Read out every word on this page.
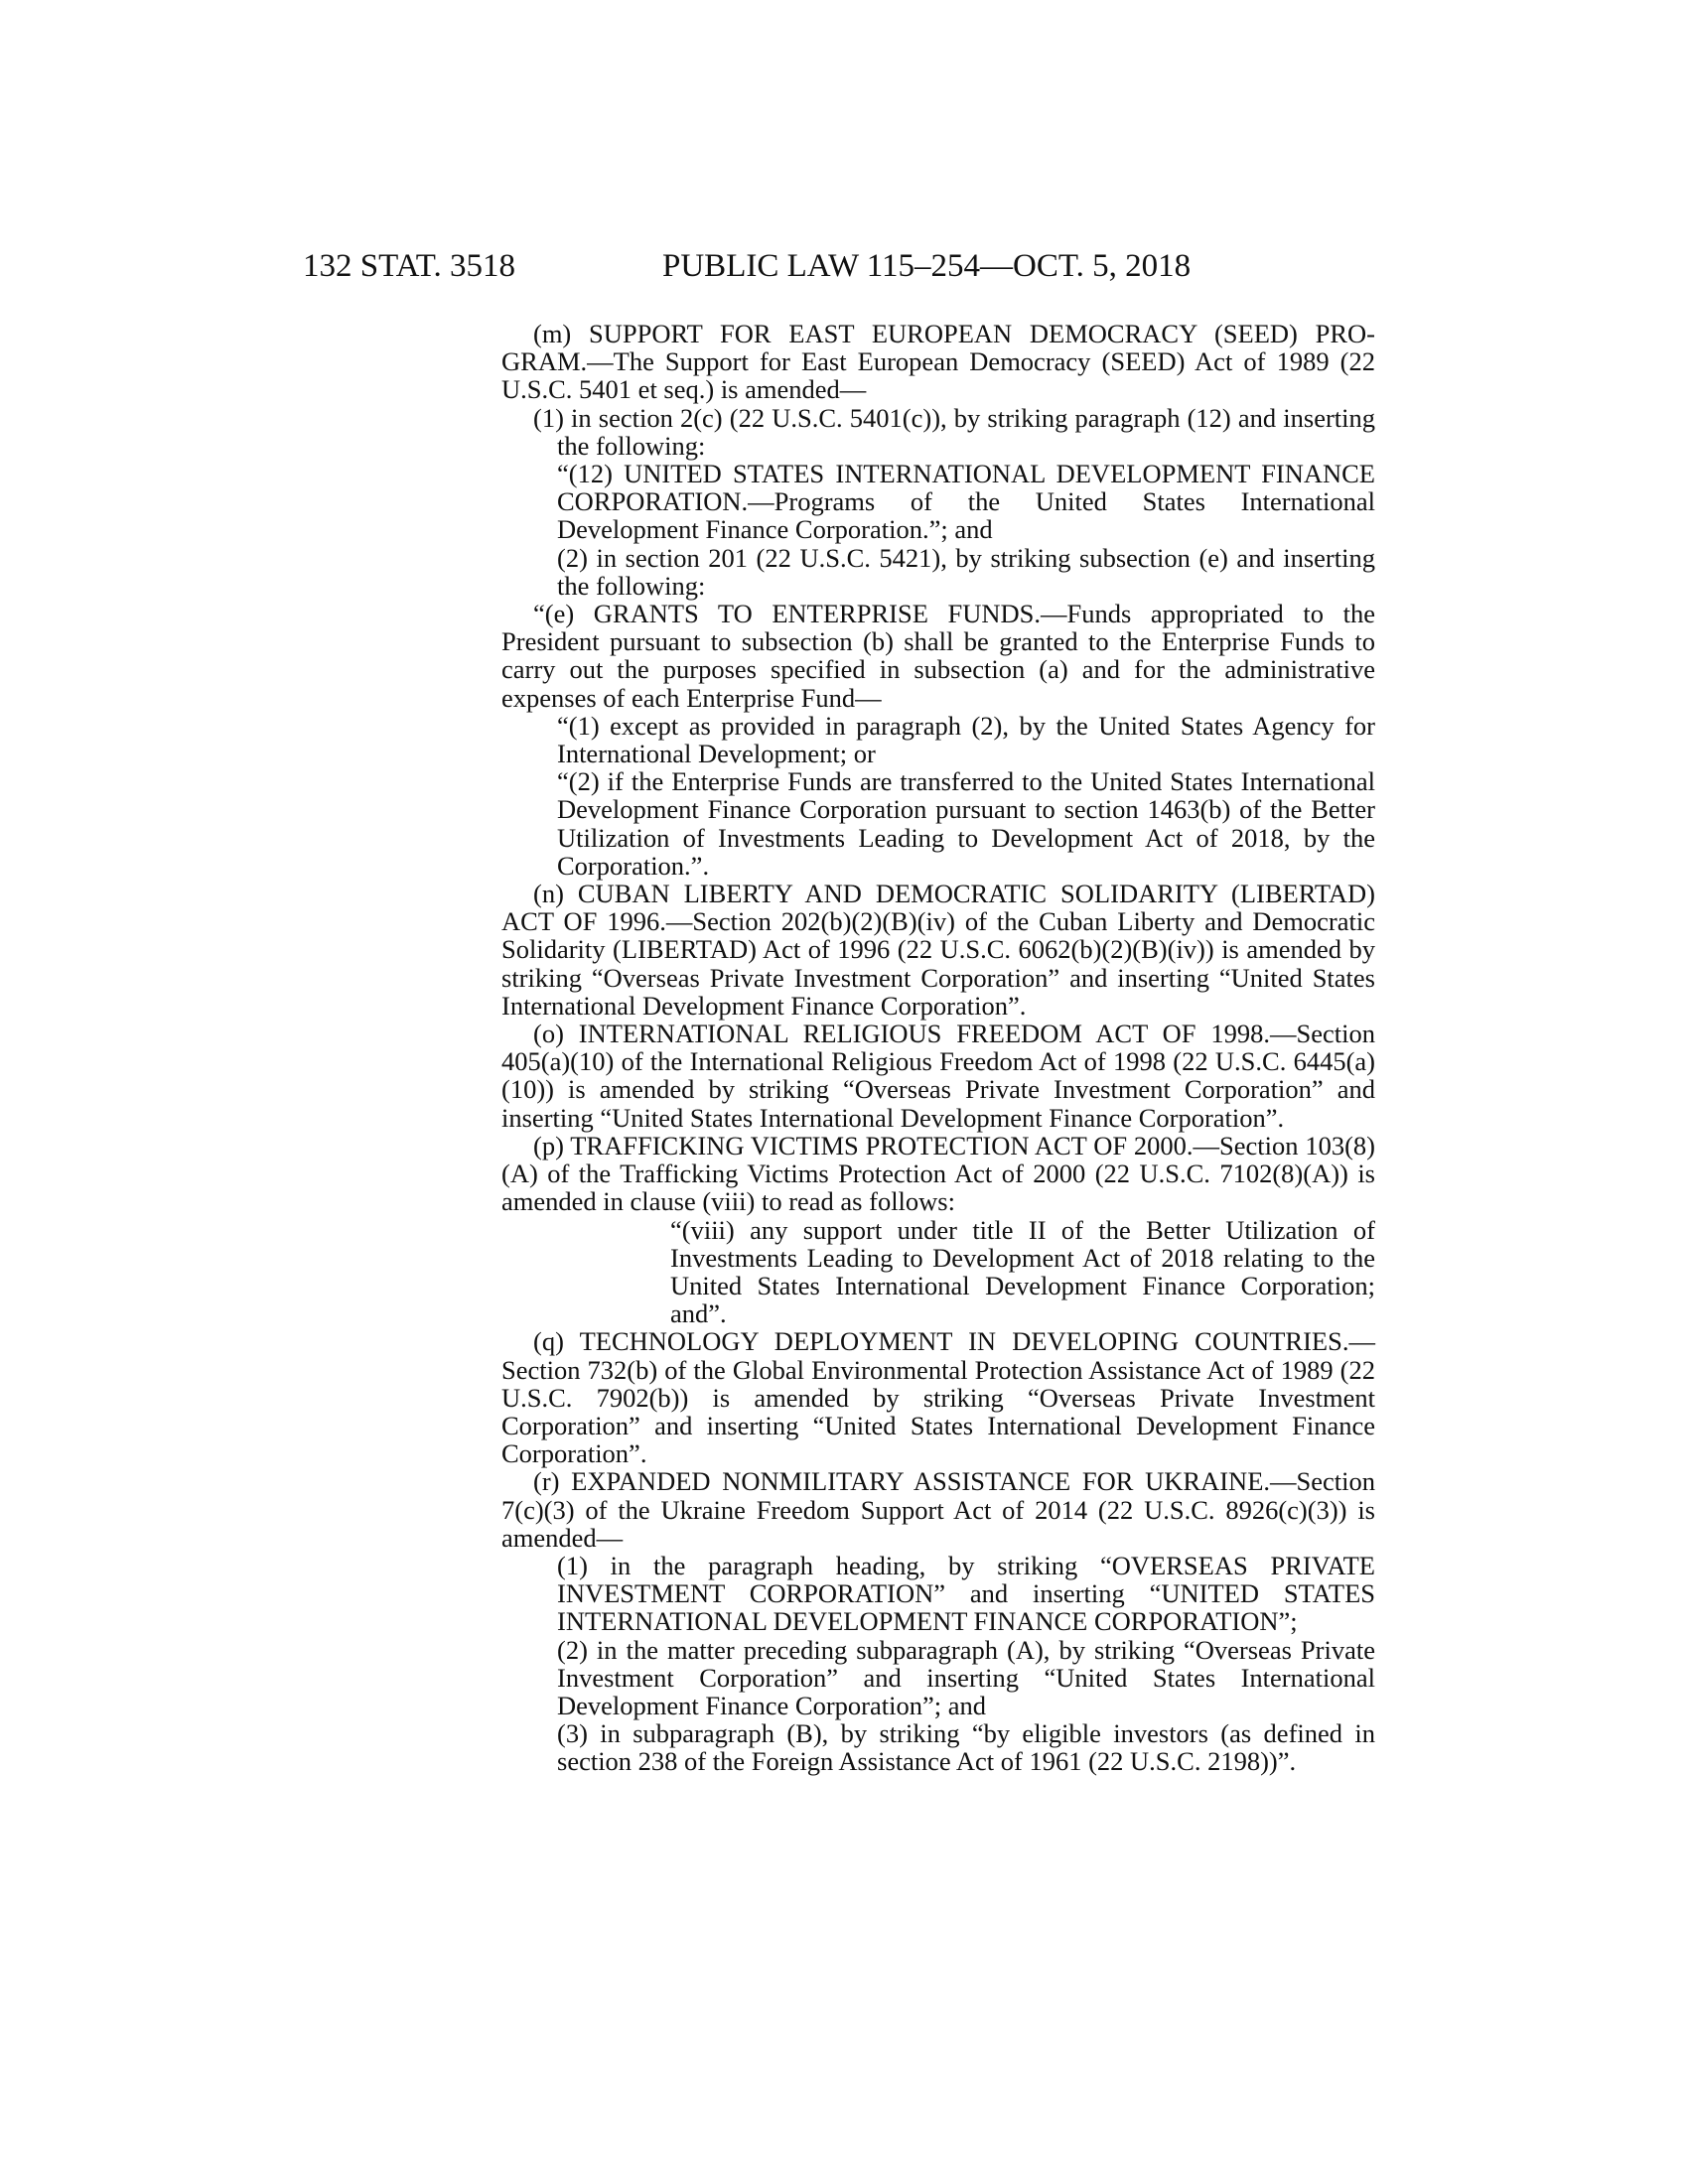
132 STAT. 3518	PUBLIC LAW 115–254—OCT. 5, 2018

(m) SUPPORT FOR EAST EUROPEAN DEMOCRACY (SEED) PRO-GRAM.—The Support for East European Democracy (SEED) Act of 1989 (22 U.S.C. 5401 et seq.) is amended—

(1) in section 2(c) (22 U.S.C. 5401(c)), by striking paragraph (12) and inserting the following:

“(12) UNITED STATES INTERNATIONAL DEVELOPMENT FINANCE CORPORATION.—Programs of the United States International Development Finance Corporation.”; and

(2) in section 201 (22 U.S.C. 5421), by striking subsection (e) and inserting the following:

“(e) GRANTS TO ENTERPRISE FUNDS.—Funds appropriated to the President pursuant to subsection (b) shall be granted to the Enterprise Funds to carry out the purposes specified in subsection (a) and for the administrative expenses of each Enterprise Fund—

“(1) except as provided in paragraph (2), by the United States Agency for International Development; or

“(2) if the Enterprise Funds are transferred to the United States International Development Finance Corporation pursuant to section 1463(b) of the Better Utilization of Investments Leading to Development Act of 2018, by the Corporation.”.

(n) CUBAN LIBERTY AND DEMOCRATIC SOLIDARITY (LIBERTAD) ACT OF 1996.—Section 202(b)(2)(B)(iv) of the Cuban Liberty and Democratic Solidarity (LIBERTAD) Act of 1996 (22 U.S.C. 6062(b)(2)(B)(iv)) is amended by striking “Overseas Private Investment Corporation” and inserting “United States International Development Finance Corporation”.

(o) INTERNATIONAL RELIGIOUS FREEDOM ACT OF 1998.—Section 405(a)(10) of the International Religious Freedom Act of 1998 (22 U.S.C. 6445(a)(10)) is amended by striking “Overseas Private Investment Corporation” and inserting “United States International Development Finance Corporation”.

(p) TRAFFICKING VICTIMS PROTECTION ACT OF 2000.—Section 103(8)(A) of the Trafficking Victims Protection Act of 2000 (22 U.S.C. 7102(8)(A)) is amended in clause (viii) to read as follows:

“(viii) any support under title II of the Better Utilization of Investments Leading to Development Act of 2018 relating to the United States International Development Finance Corporation; and”.

(q) TECHNOLOGY DEPLOYMENT IN DEVELOPING COUNTRIES.—Section 732(b) of the Global Environmental Protection Assistance Act of 1989 (22 U.S.C. 7902(b)) is amended by striking “Overseas Private Investment Corporation” and inserting “United States International Development Finance Corporation”.

(r) EXPANDED NONMILITARY ASSISTANCE FOR UKRAINE.—Section 7(c)(3) of the Ukraine Freedom Support Act of 2014 (22 U.S.C. 8926(c)(3)) is amended—

(1) in the paragraph heading, by striking “OVERSEAS PRIVATE INVESTMENT CORPORATION” and inserting “UNITED STATES INTERNATIONAL DEVELOPMENT FINANCE CORPORATION”;

(2) in the matter preceding subparagraph (A), by striking “Overseas Private Investment Corporation” and inserting “United States International Development Finance Corporation”; and

(3) in subparagraph (B), by striking “by eligible investors (as defined in section 238 of the Foreign Assistance Act of 1961 (22 U.S.C. 2198))”.
